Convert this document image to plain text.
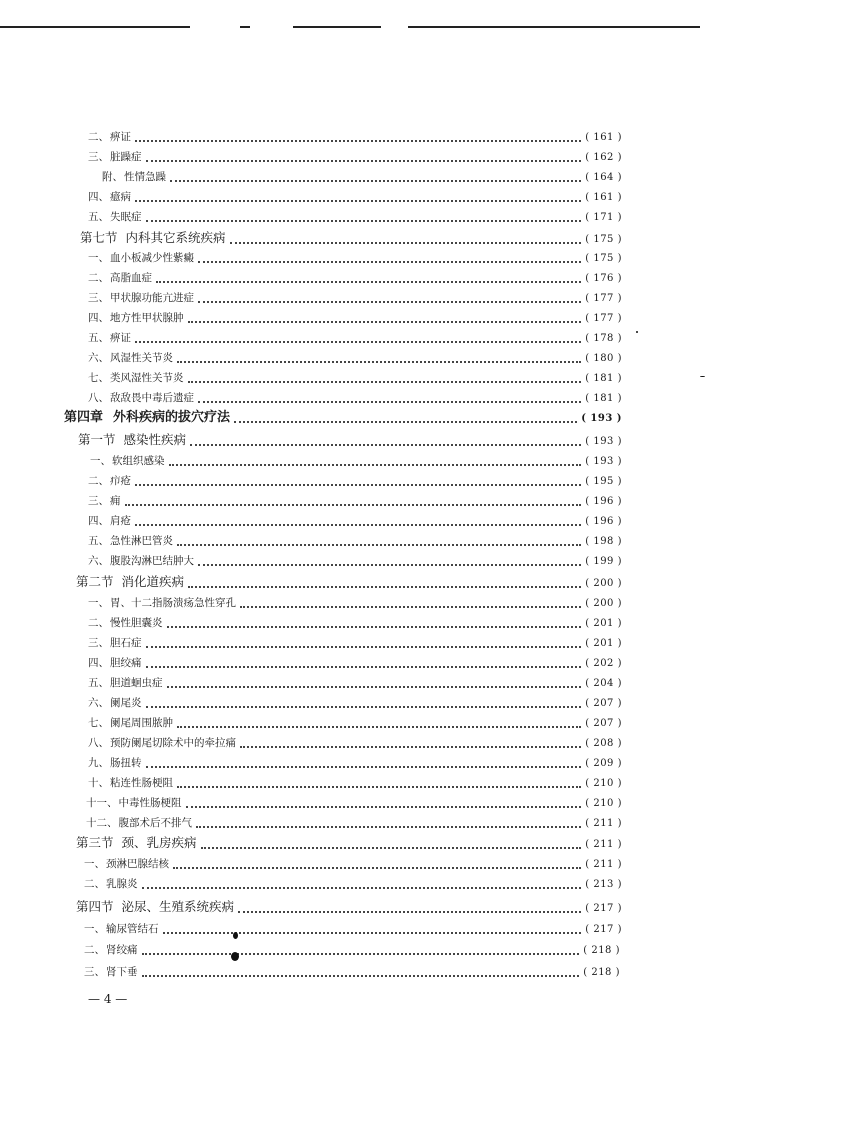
二、 痹证	( 161 )
三、 脏躁症	( 162 )
附、 性情急躁	( 164 )
四、 癔病	( 161 )
五、 失眠症	( 171 )
第七节 内科其它系统疾病	( 175 )
一、 血小板减少性紫癜	( 175 )
二、 高脂血症	( 176 )
三、 甲状腺功能亢进症	( 177 )
四、 地方性甲状腺肿	( 177 )
五、 痹证	( 178 )
六、 风湿性关节炎	( 180 )
七、 类风湿性关节炎	( 181 )
八、 敌敌畏中毒后遗症	( 181 )
第四章 外科疾病的拔穴疗法	( 193 )
第一节 感染性疾病	( 193 )
一、 软组织感染	( 193 )
二、 疖疮	( 195 )
三、 痈	( 196 )
四、 肩疮	( 196 )
五、 急性淋巴管炎	( 198 )
六、 腹股沟淋巴结肿大	( 199 )
第二节 消化道疾病	( 200 )
一、 胃、十二指肠溃疡急性穿孔	( 200 )
二、 慢性胆囊炎	( 201 )
三、 胆石症	( 201 )
四、 胆绞痛	( 202 )
五、 胆道蛔虫症	( 204 )
六、 阑尾炎	( 207 )
七、 阑尾周围脓肿	( 207 )
八、 预防阑尾切除术中的牵拉痛	( 208 )
九、 肠扭转	( 209 )
十、 粘连性肠梗阻	( 210 )
十一、 中毒性肠梗阻	( 210 )
十二、 腹部术后不排气	( 211 )
第三节 颈、乳房疾病	( 211 )
一、 颈淋巴腺结核	( 211 )
二、 乳腺炎	( 213 )
第四节 泌尿、生殖系统疾病	( 217 )
一、 输尿管结石	( 217 )
二、 肾绞痛	( 218 )
三、 肾下垂	( 218 )
— 4 —
